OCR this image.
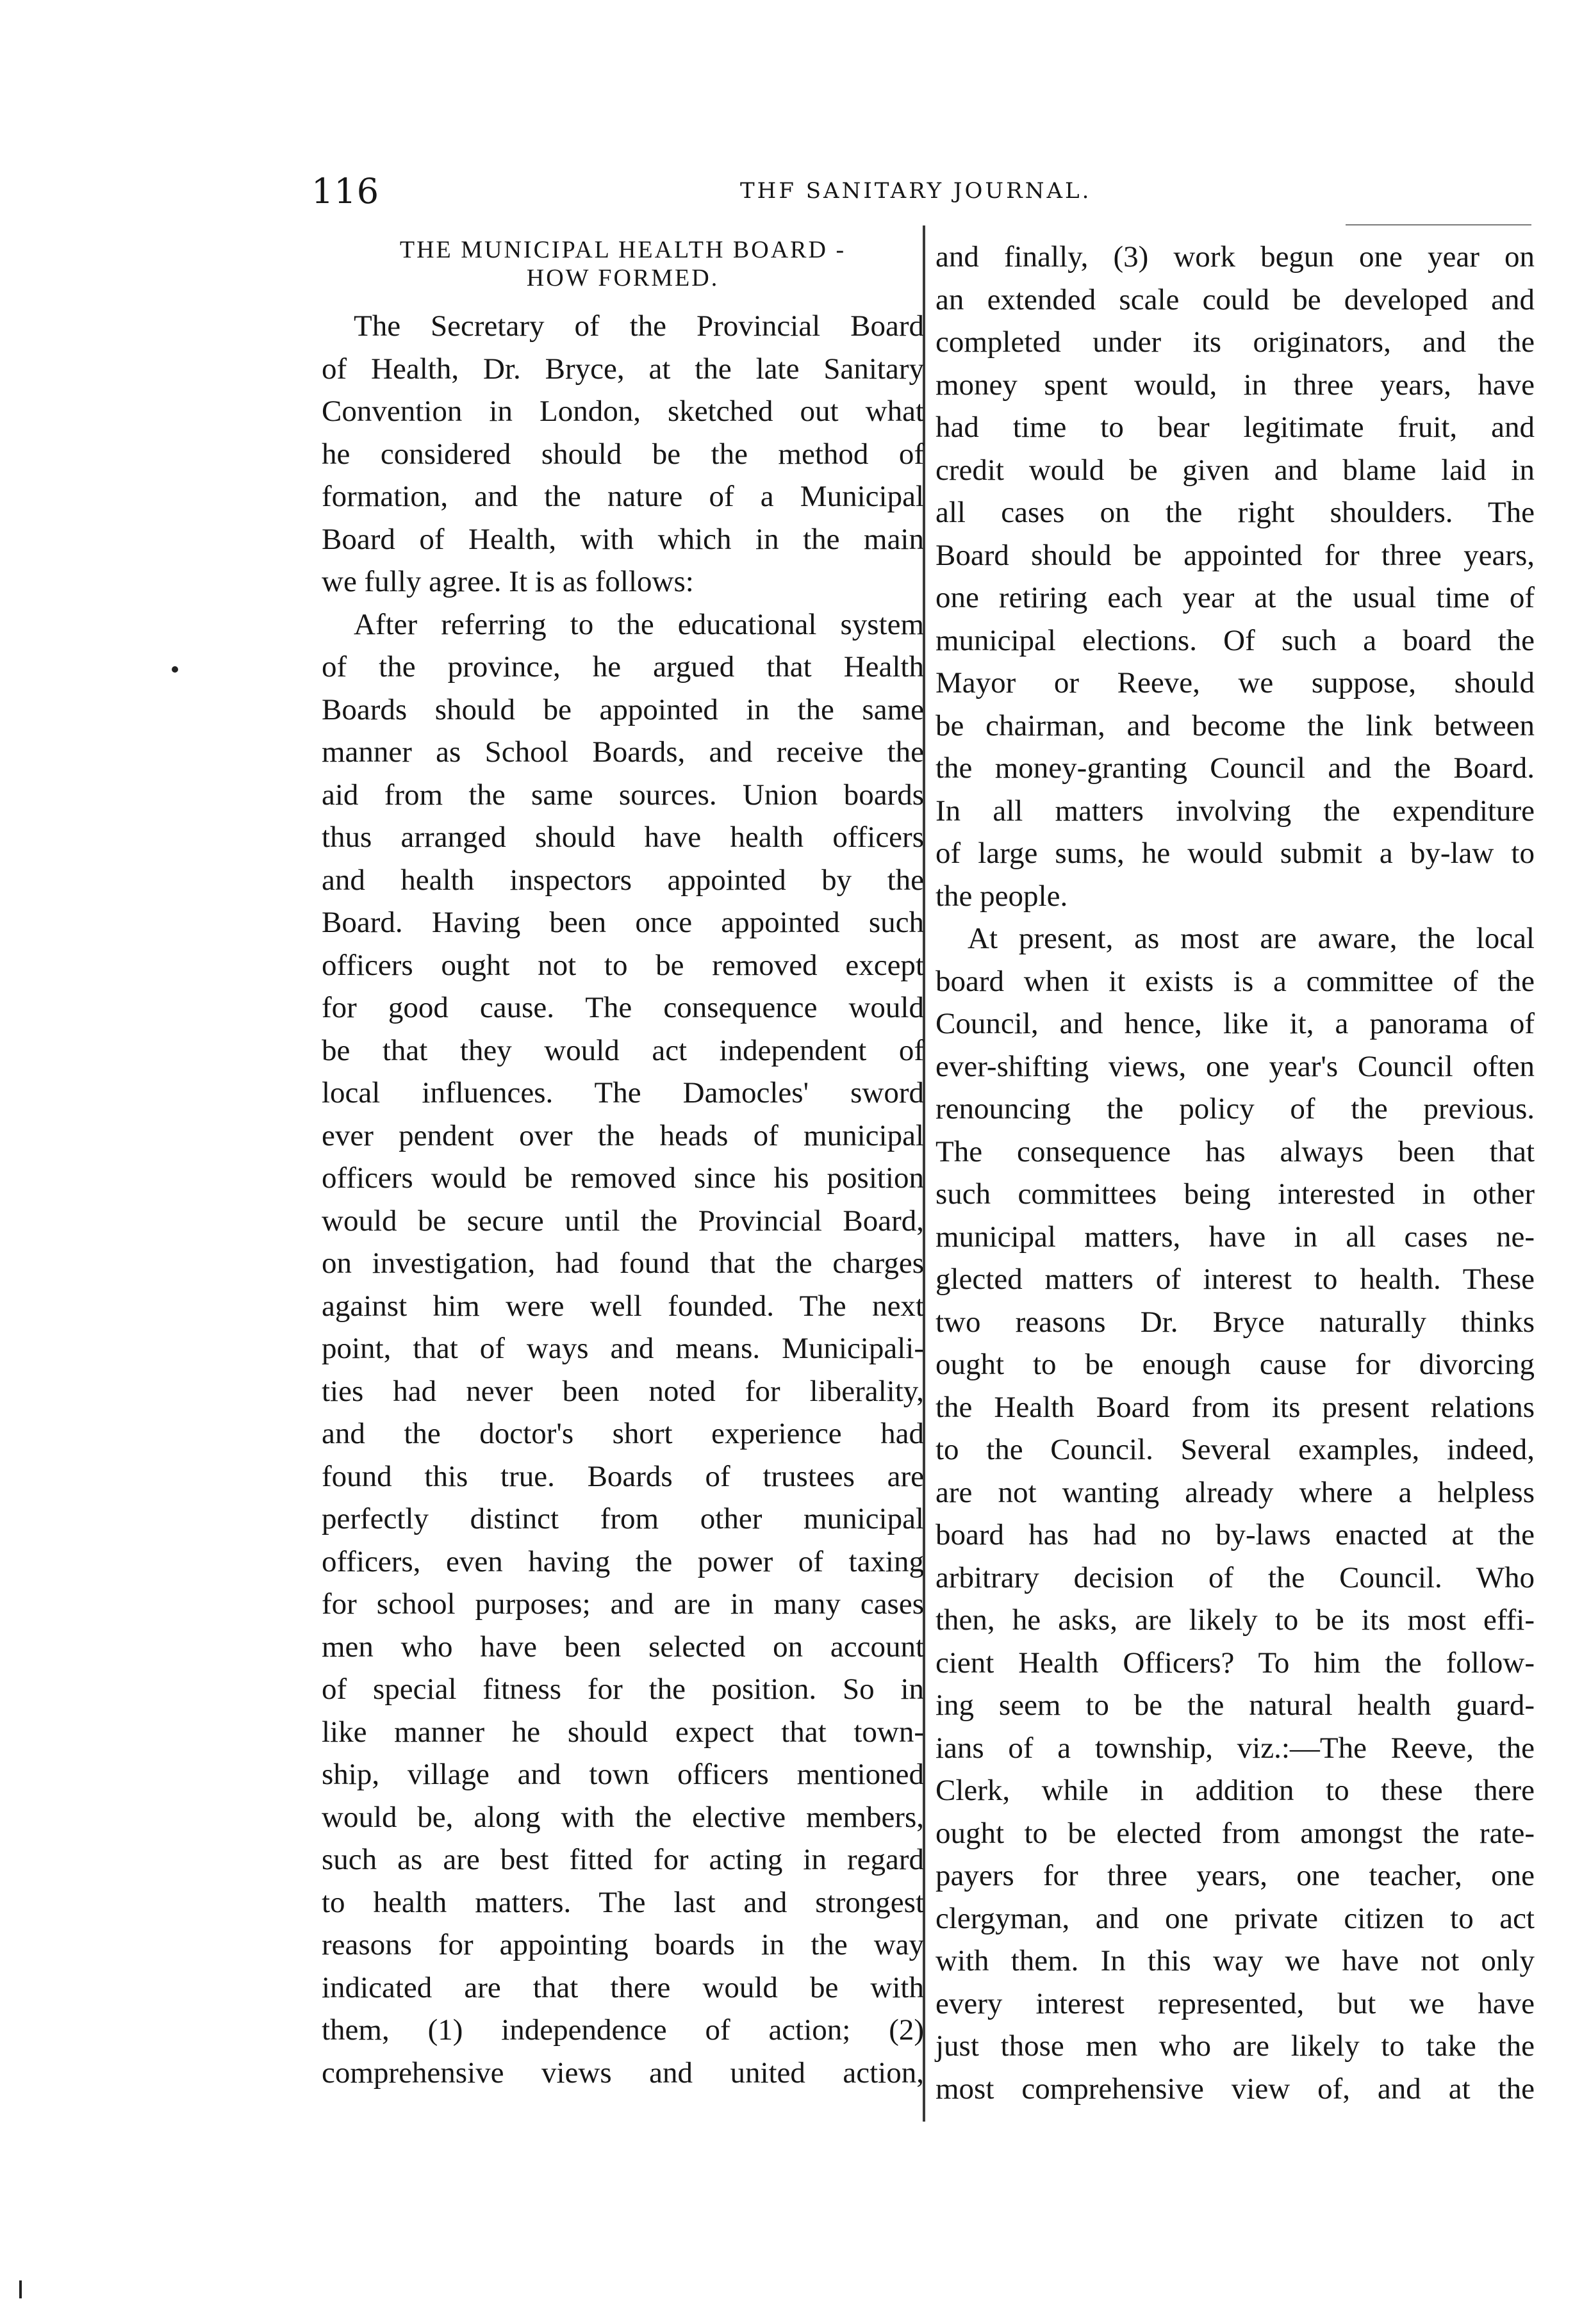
116	THF SANITARY JOURNAL.
THE MUNICIPAL HEALTH BOARD -
HOW FORMED.
The Secretary of the Provincial Board
of Health, Dr. Bryce, at the late Sanitary
Convention in London, sketched out what
he considered should be the method of
formation, and the nature of a Municipal
Board of Health, with which in the main
we fully agree. It is as follows:
After referring to the educational system
of the province, he argued that Health
Boards should be appointed in the same
manner as School Boards, and receive the
aid from the same sources. Union boards
thus arranged should have health officers
and health inspectors appointed by the
Board. Having been once appointed such
officers ought not to be removed except
for good cause. The consequence would
be that they would act independent of
local influences. The Damocles' sword
ever pendent over the heads of municipal
officers would be removed since his position
would be secure until the Provincial Board,
on investigation, had found that the charges
against him were well founded. The next
point, that of ways and means. Municipali-
ties had never been noted for liberality,
and the doctor's short experience had
found this true. Boards of trustees are
perfectly distinct from other municipal
officers, even having the power of taxing
for school purposes; and are in many cases
men who have been selected on account
of special fitness for the position. So in
like manner he should expect that town-
ship, village and town officers mentioned
would be, along with the elective members,
such as are best fitted for acting in regard
to health matters. The last and strongest
reasons for appointing boards in the way
indicated are that there would be with
them, (1) independence of action; (2)
comprehensive views and united action,
and finally, (3) work begun one year on
an extended scale could be developed and
completed under its originators, and the
money spent would, in three years, have
had time to bear legitimate fruit, and
credit would be given and blame laid in
all cases on the right shoulders. The
Board should be appointed for three years,
one retiring each year at the usual time of
municipal elections. Of such a board the
Mayor or Reeve, we suppose, should
be chairman, and become the link between
the money-granting Council and the Board.
In all matters involving the expenditure
of large sums, he would submit a by-law to
the people.
At present, as most are aware, the local
board when it exists is a committee of the
Council, and hence, like it, a panorama of
ever-shifting views, one year's Council often
renouncing the policy of the previous.
The consequence has always been that
such committees being interested in other
municipal matters, have in all cases ne-
glected matters of interest to health. These
two reasons Dr. Bryce naturally thinks
ought to be enough cause for divorcing
the Health Board from its present relations
to the Council. Several examples, indeed,
are not wanting already where a helpless
board has had no by-laws enacted at the
arbitrary decision of the Council. Who
then, he asks, are likely to be its most effi-
cient Health Officers? To him the follow-
ing seem to be the natural health guard-
ians of a township, viz.:—The Reeve, the
Clerk, while in addition to these there
ought to be elected from amongst the rate-
payers for three years, one teacher, one
clergyman, and one private citizen to act
with them. In this way we have not only
every interest represented, but we have
just those men who are likely to take the
most comprehensive view of, and at the
